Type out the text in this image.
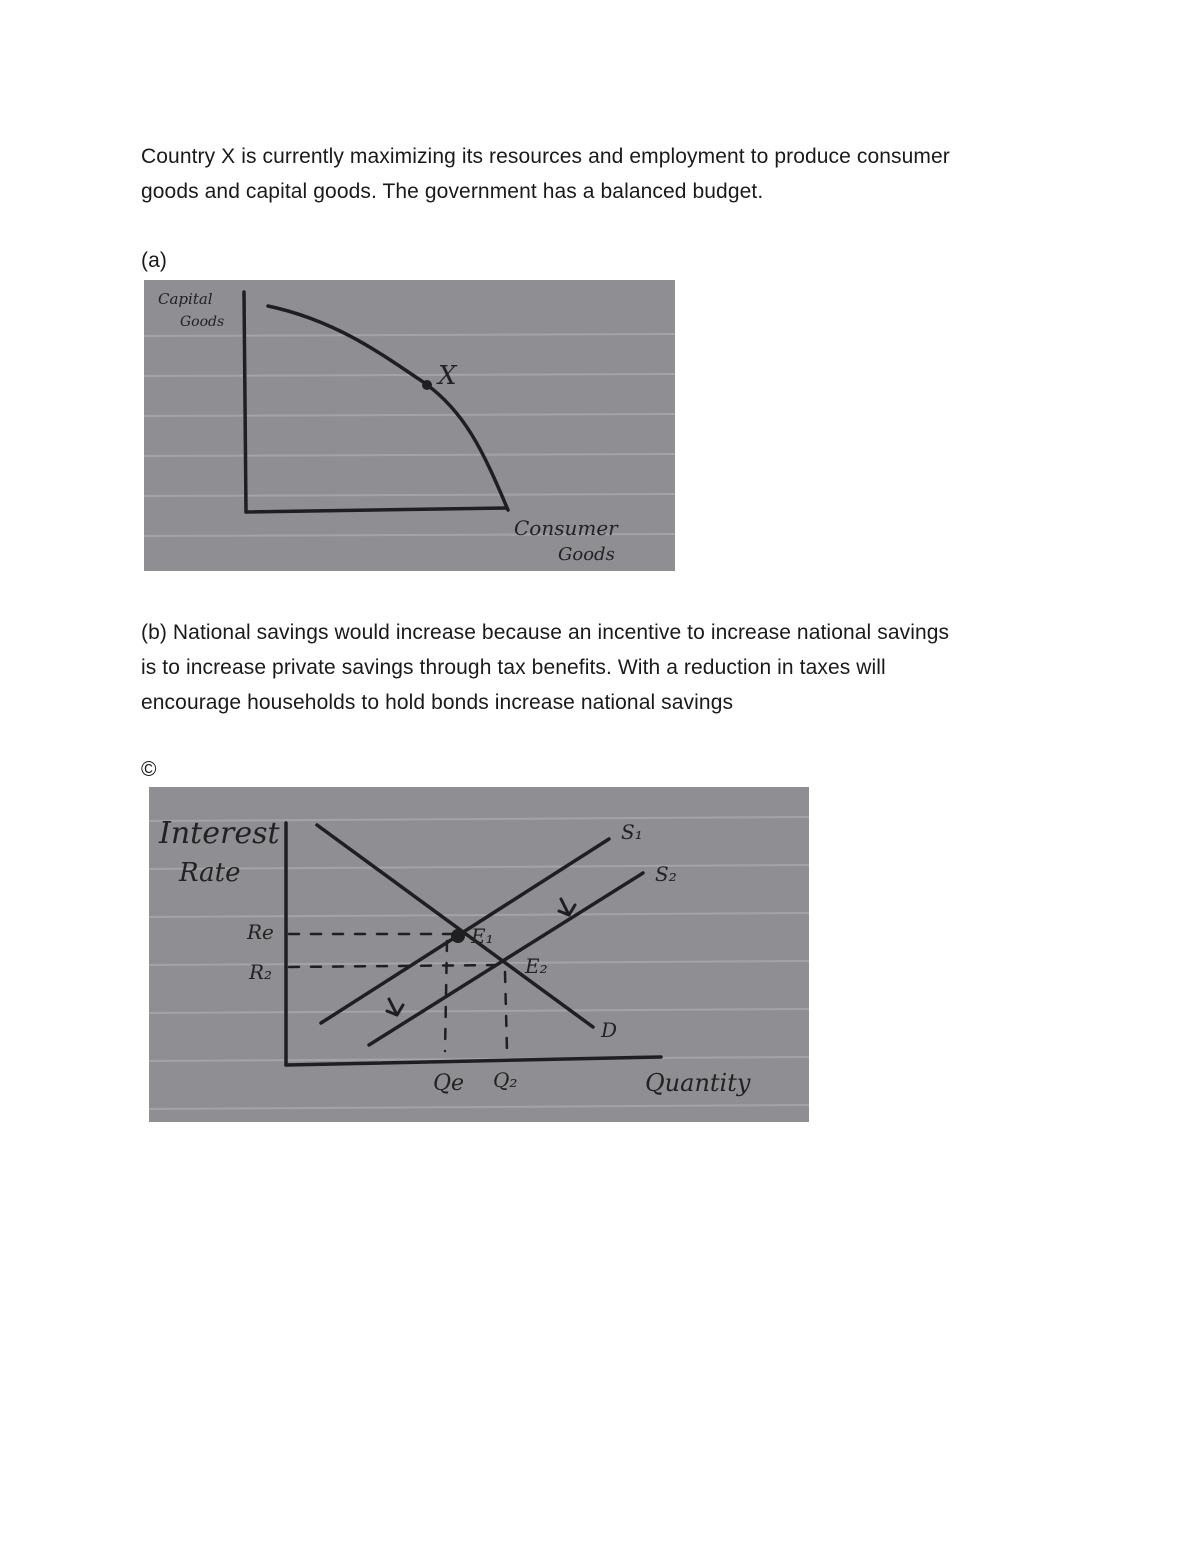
Country X is currently maximizing its resources and employment to produce consumer

goods and capital goods. The government has a balanced budget.

(a)

Capital
Goods
X
Consumer
Goods

(b) National savings would increase because an incentive to increase national savings

is to increase private savings through tax benefits. With a reduction in taxes will

encourage households to hold bonds increase national savings

©

Interest
Rate
Re
R₂
S₁
S₂
E₁
E₂
D
Qe Q₂	Quantity
